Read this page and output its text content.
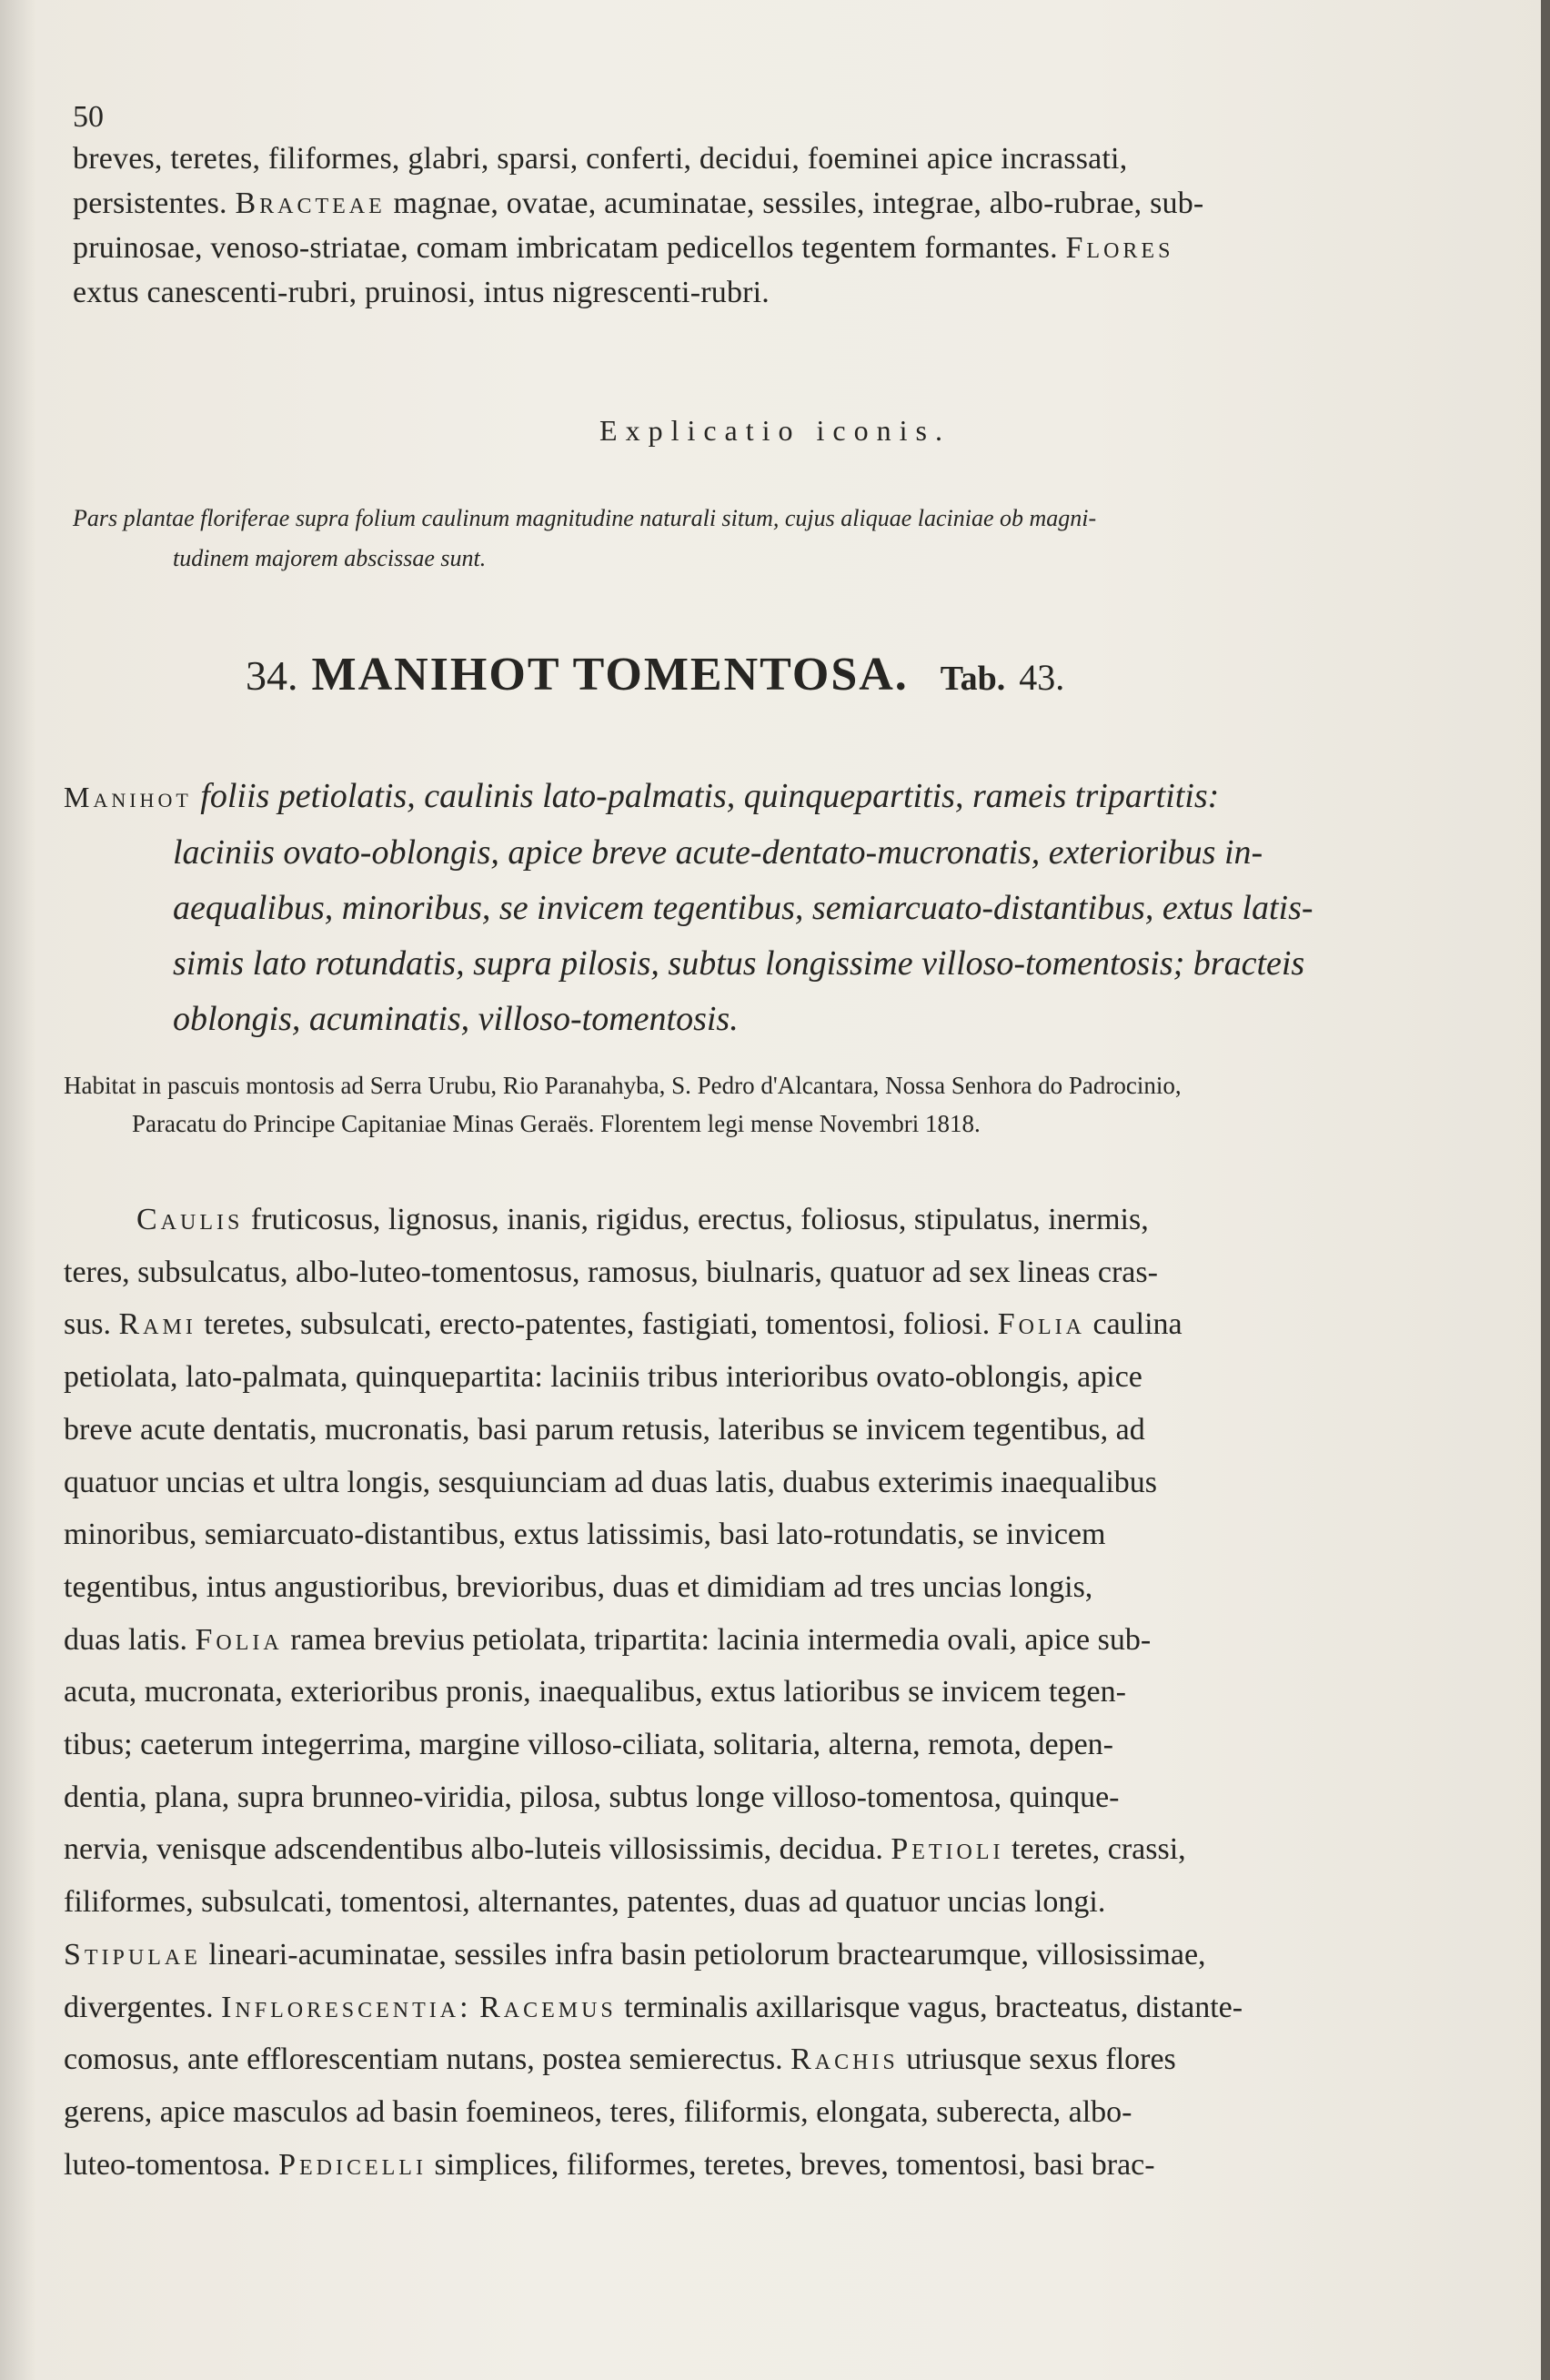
50
breves, teretes, filiformes, glabri, sparsi, conferti, decidui, foeminei apice incrassati,
persistentes. Bracteae magnae, ovatae, acuminatae, sessiles, integrae, albo-rubrae, sub-
pruinosae, venoso-striatae, comam imbricatam pedicellos tegentem formantes. Flores
extus canescenti-rubri, pruinosi, intus nigrescenti-rubri.
Explicatio iconis.
Pars plantae floriferae supra folium caulinum magnitudine naturali situm, cujus aliquae laciniae ob magni-
tudinem majorem abscissae sunt.
34. MANIHOT TOMENTOSA. Tab. 43.
Manihot foliis petiolatis, caulinis lato-palmatis, quinquepartitis, rameis tripartitis:
laciniis ovato-oblongis, apice breve acute-dentato-mucronatis, exterioribus in-
aequalibus, minoribus, se invicem tegentibus, semiarcuato-distantibus, extus latis-
simis lato rotundatis, supra pilosis, subtus longissime villoso-tomentosis; bracteis
oblongis, acuminatis, villoso-tomentosis.
Habitat in pascuis montosis ad Serra Urubu, Rio Paranahyba, S. Pedro d'Alcantara, Nossa Senhora do Padrocinio,
Paracatu do Principe Capitaniae Minas Geraës. Florentem legi mense Novembri 1818.
Caulis fruticosus, lignosus, inanis, rigidus, erectus, foliosus, stipulatus, inermis,
teres, subsulcatus, albo-luteo-tomentosus, ramosus, biulnaris, quatuor ad sex lineas cras-
sus. Rami teretes, subsulcati, erecto-patentes, fastigiati, tomentosi, foliosi. Folia caulina
petiolata, lato-palmata, quinquepartita: laciniis tribus interioribus ovato-oblongis, apice
breve acute dentatis, mucronatis, basi parum retusis, lateribus se invicem tegentibus, ad
quatuor uncias et ultra longis, sesquiunciam ad duas latis, duabus exterimis inaequalibus
minoribus, semiarcuato-distantibus, extus latissimis, basi lato-rotundatis, se invicem
tegentibus, intus angustioribus, brevioribus, duas et dimidiam ad tres uncias longis,
duas latis. Folia ramea brevius petiolata, tripartita: lacinia intermedia ovali, apice sub-
acuta, mucronata, exterioribus pronis, inaequalibus, extus latioribus se invicem tegen-
tibus; caeterum integerrima, margine villoso-ciliata, solitaria, alterna, remota, depen-
dentia, plana, supra brunneo-viridia, pilosa, subtus longe villoso-tomentosa, quinque-
nervia, venisque adscendentibus albo-luteis villosissimis, decidua. Petioli teretes, crassi,
filiformes, subsulcati, tomentosi, alternantes, patentes, duas ad quatuor uncias longi.
Stipulae lineari-acuminatae, sessiles infra basin petiolorum bractearumque, villosissimae,
divergentes. Inflorescentia: Racemus terminalis axillarisque vagus, bracteatus, distante-
comosus, ante efflorescentiam nutans, postea semierectus. Rachis utriusque sexus flores
gerens, apice masculos ad basin foemineos, teres, filiformis, elongata, suberecta, albo-
luteo-tomentosa. Pedicelli simplices, filiformes, teretes, breves, tomentosi, basi brac-
